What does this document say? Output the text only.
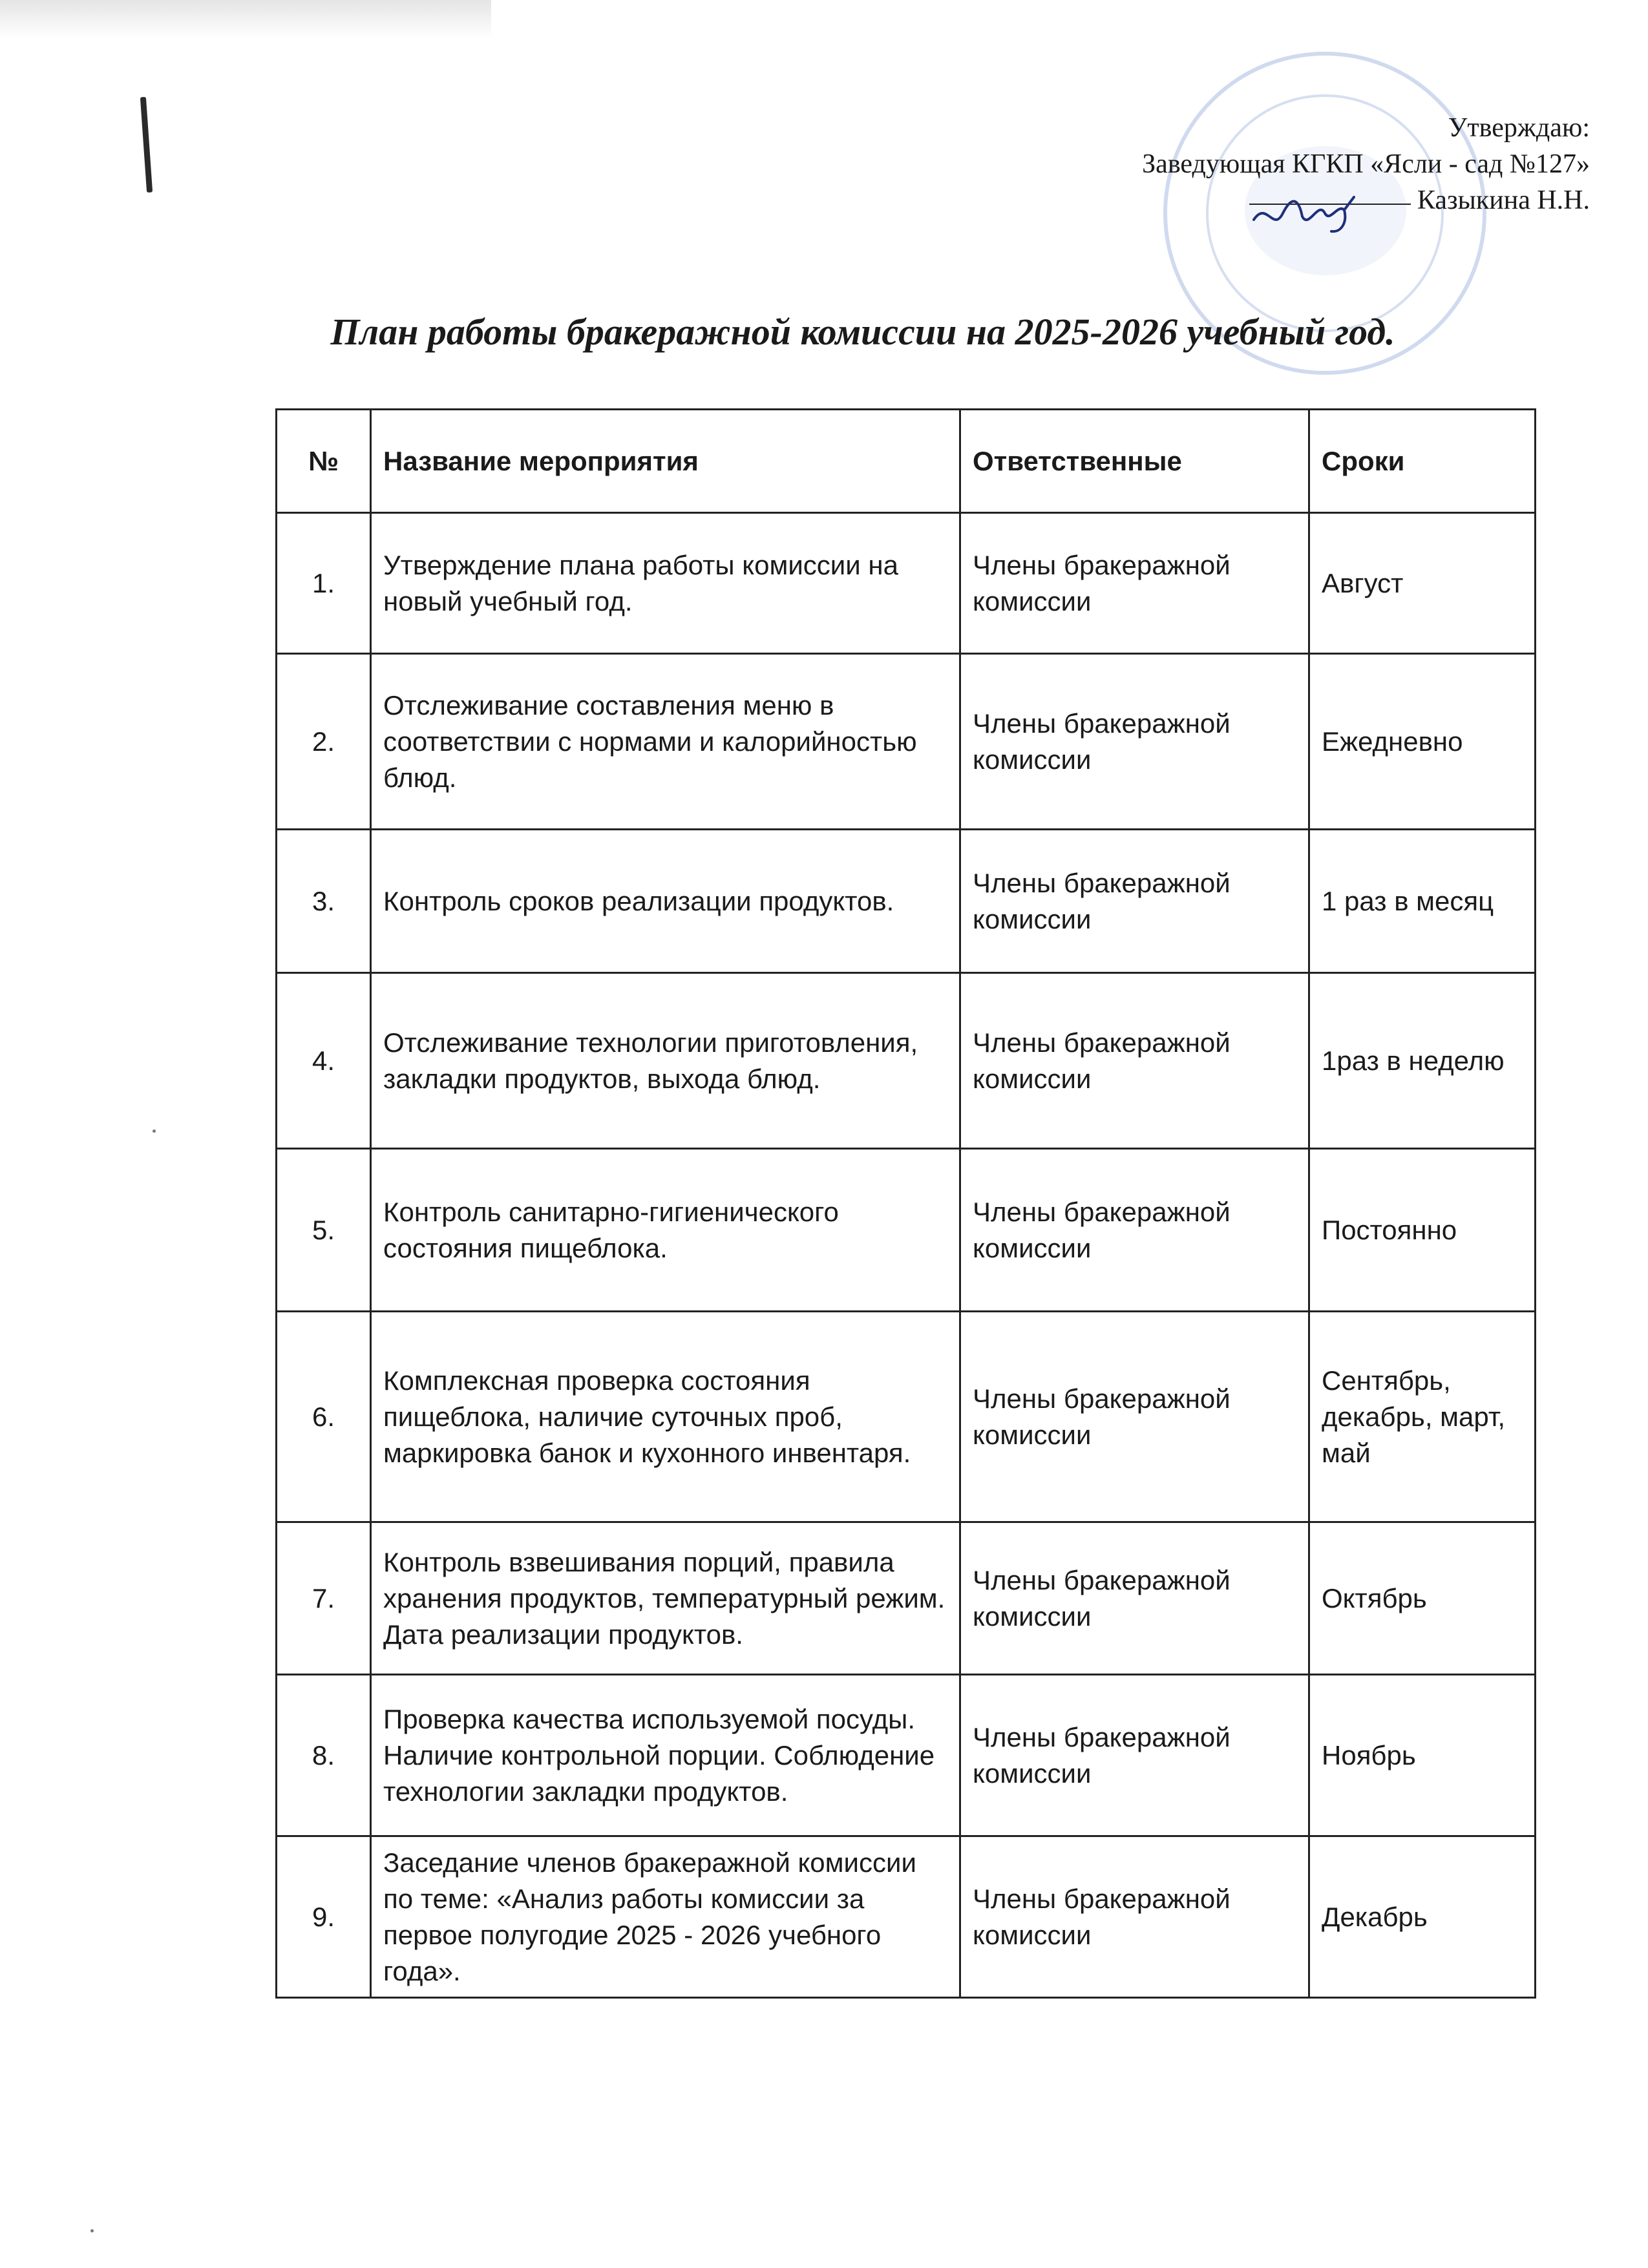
Утверждаю:
Заведующая КГКП «Ясли - сад №127»
Казыкина Н.Н.
План работы бракеражной комиссии на 2025-2026 учебный год.
№	Название мероприятия	Ответственные	Сроки
1.	Утверждение плана работы комиссии на новый учебный год.	Члены бракеражной комиссии	Август
2.	Отслеживание составления меню в соответствии с нормами и калорийностью блюд.	Члены бракеражной комиссии	Ежедневно
3.	Контроль сроков реализации продуктов.	Члены бракеражной комиссии	1 раз в месяц
4.	Отслеживание технологии приготовления, закладки продуктов, выхода блюд.	Члены бракеражной комиссии	1раз в неделю
5.	Контроль санитарно-гигиенического состояния пищеблока.	Члены бракеражной комиссии	Постоянно
6.	Комплексная проверка состояния пищеблока, наличие суточных проб, маркировка банок и кухонного инвентаря.	Члены бракеражной комиссии	Сентябрь, декабрь, март, май
7.	Контроль взвешивания порций, правила хранения продуктов, температурный режим. Дата реализации продуктов.	Члены бракеражной комиссии	Октябрь
8.	Проверка качества используемой посуды. Наличие контрольной порции. Соблюдение технологии закладки продуктов.	Члены бракеражной комиссии	Ноябрь
9.	Заседание членов бракеражной комиссии по теме: «Анализ работы комиссии за первое полугодие 2025 - 2026 учебного года».	Члены бракеражной комиссии	Декабрь
